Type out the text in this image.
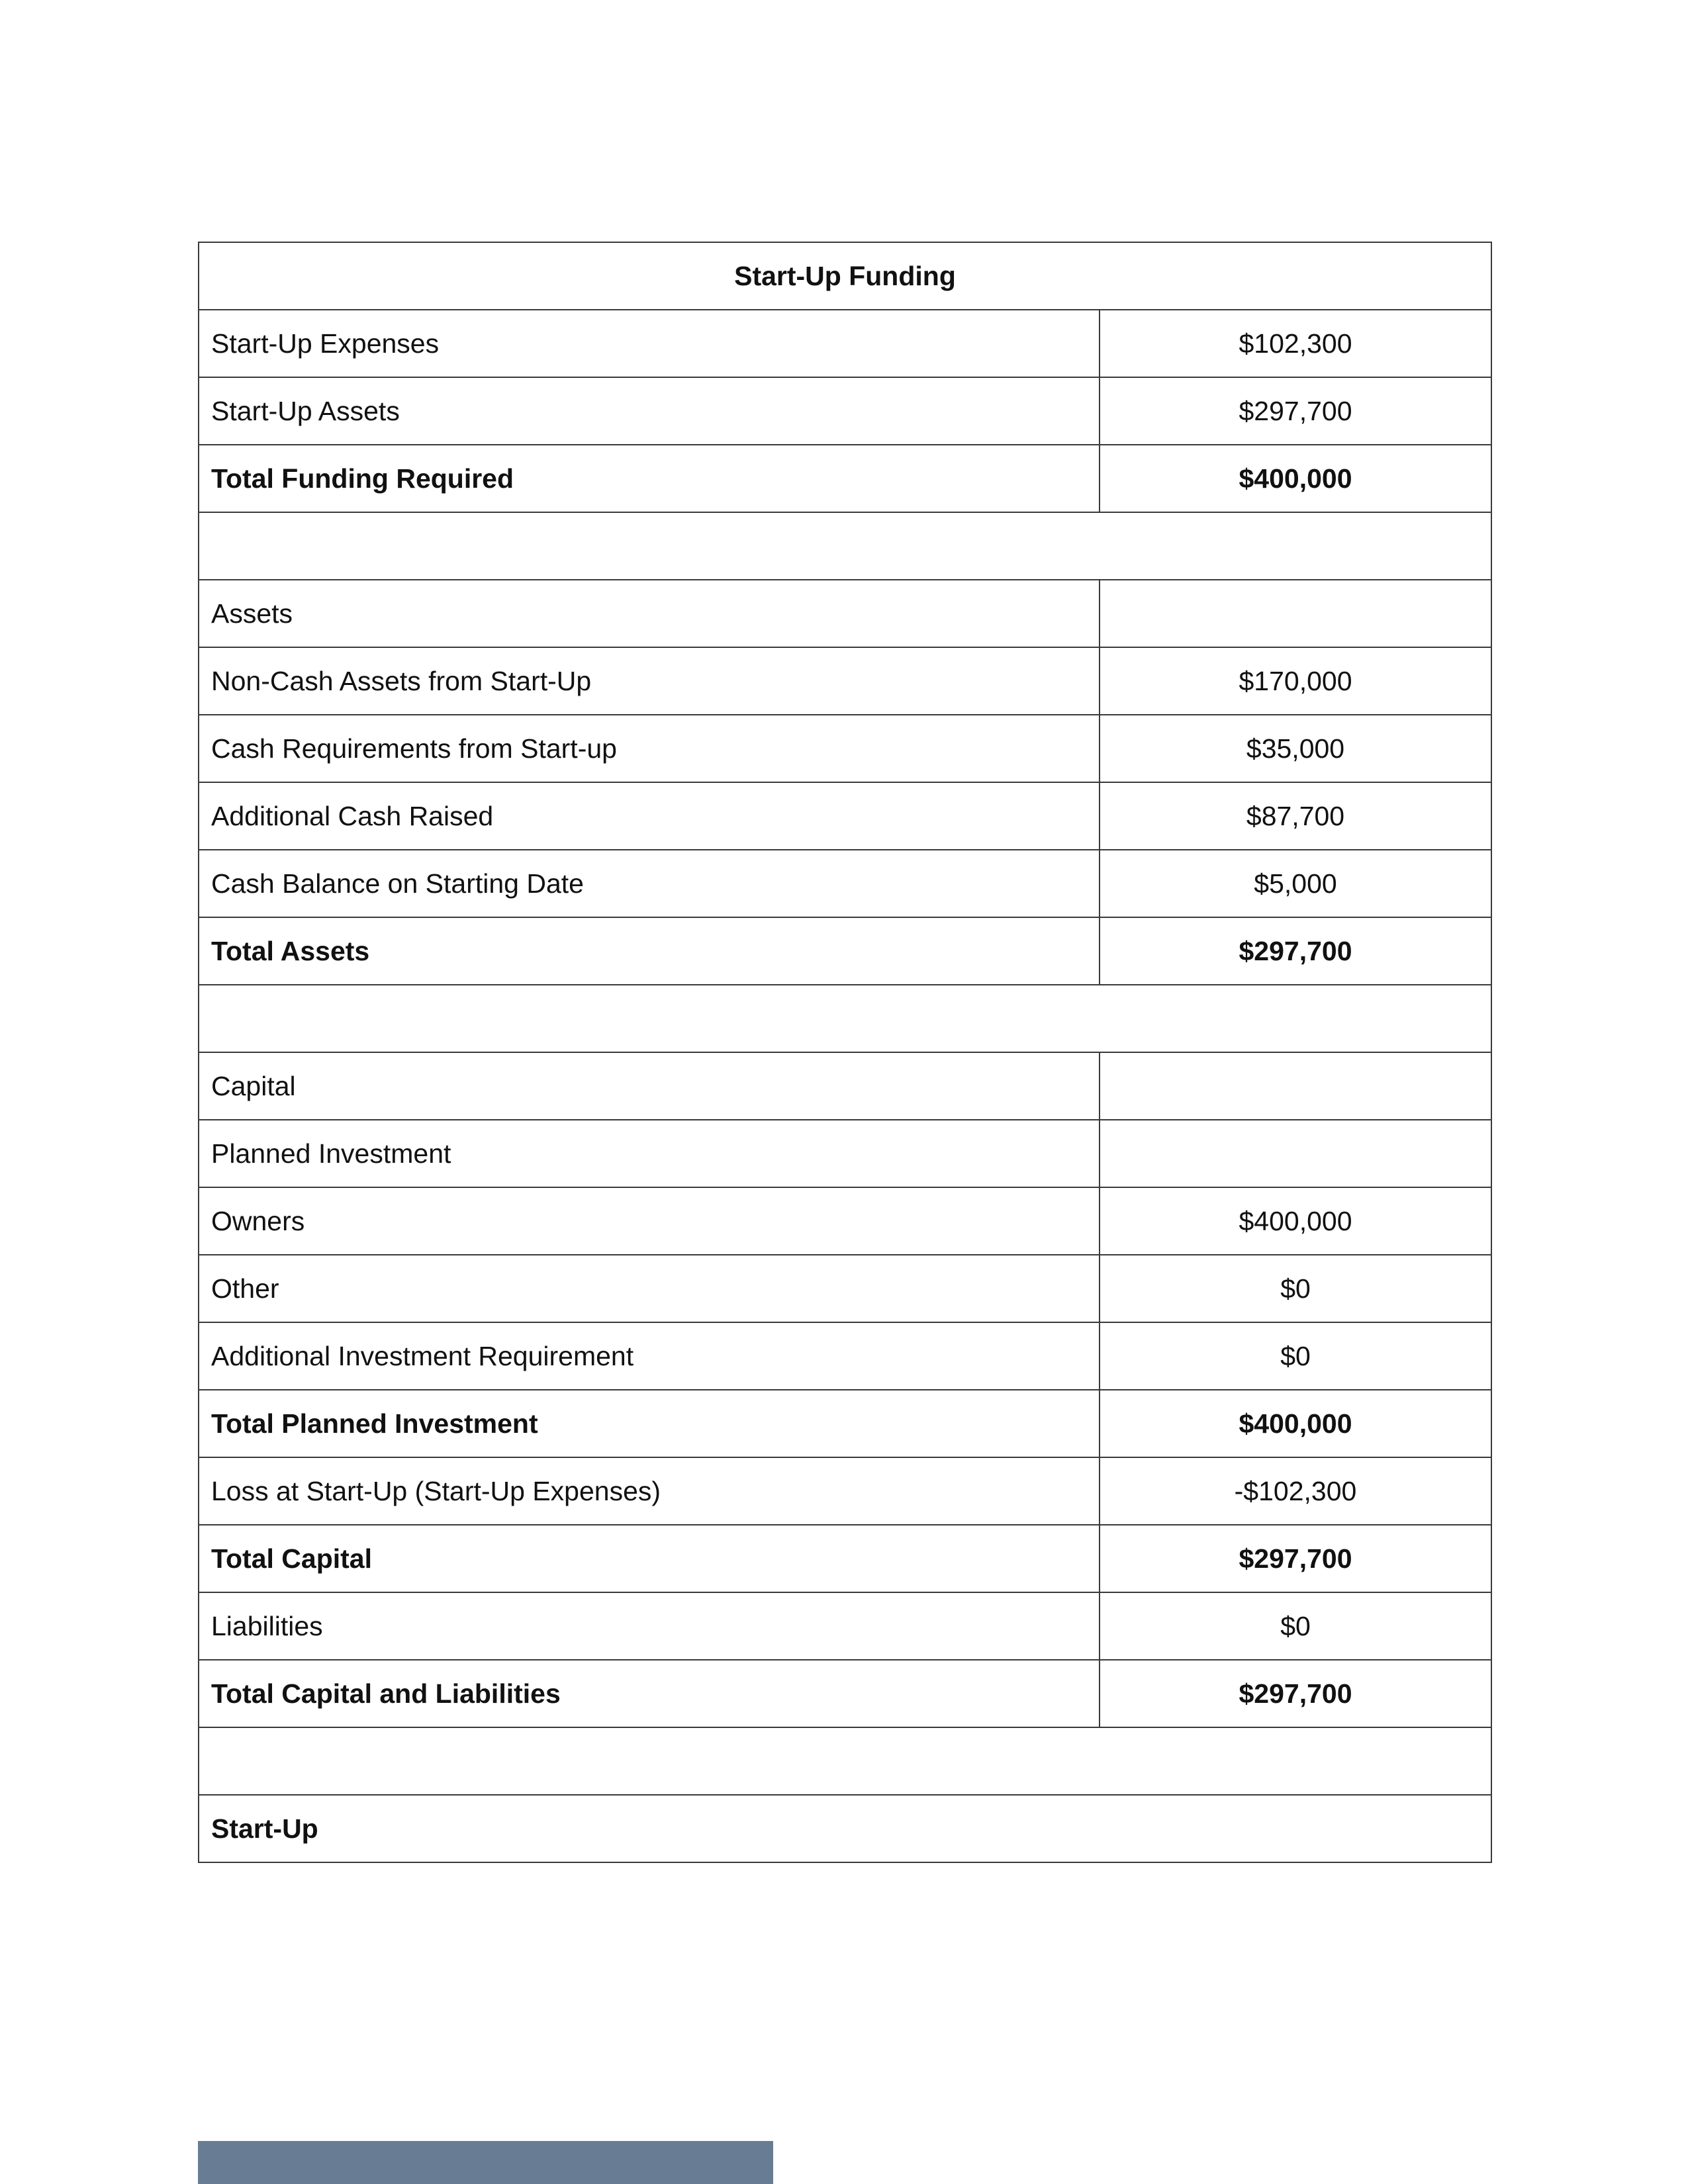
Start-Up Funding	
Start-Up Expenses	$102,300
Start-Up Assets	$297,700
Total Funding Required	$400,000

Assets	
Non-Cash Assets from Start-Up	$170,000
Cash Requirements from Start-up	$35,000
Additional Cash Raised	$87,700
Cash Balance on Starting Date	$5,000
Total Assets	$297,700

Capital	
Planned Investment	
Owners	$400,000
Other	$0
Additional Investment Requirement	$0
Total Planned Investment	$400,000
Loss at Start-Up (Start-Up Expenses)	-$102,300
Total Capital	$297,700
Liabilities	$0
Total Capital and Liabilities	$297,700

Start-Up	
